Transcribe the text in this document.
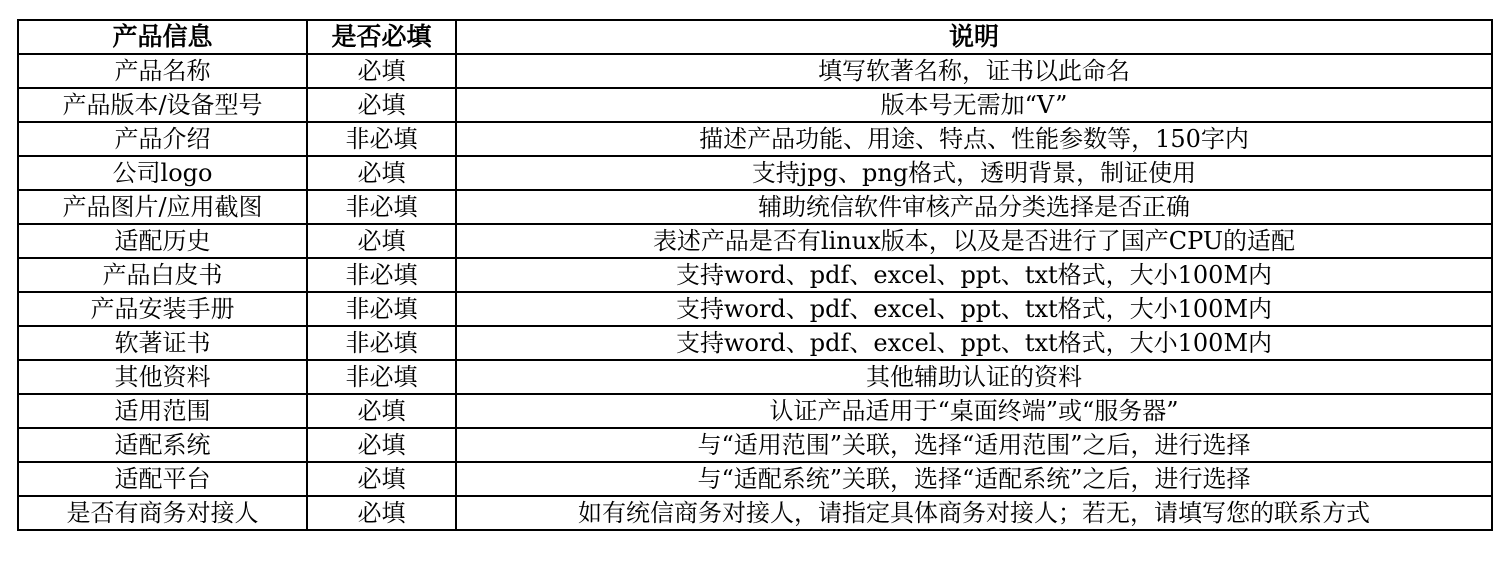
产品信息	是否必填	说明
产品名称	必填	填写软著名称，证书以此命名
产品版本/设备型号	必填	版本号无需加“V”
产品介绍	非必填	描述产品功能、用途、特点、性能参数等，150字内
公司logo	必填	支持jpg、png格式，透明背景，制证使用
产品图片/应用截图	非必填	辅助统信软件审核产品分类选择是否正确
适配历史	必填	表述产品是否有linux版本，以及是否进行了国产CPU的适配
产品白皮书	非必填	支持word、pdf、excel、ppt、txt格式，大小100M内
产品安装手册	非必填	支持word、pdf、excel、ppt、txt格式，大小100M内
软著证书	非必填	支持word、pdf、excel、ppt、txt格式，大小100M内
其他资料	非必填	其他辅助认证的资料
适用范围	必填	认证产品适用于“桌面终端”或“服务器”
适配系统	必填	与“适用范围”关联，选择“适用范围”之后，进行选择
适配平台	必填	与“适配系统”关联，选择“适配系统”之后，进行选择
是否有商务对接人	必填	如有统信商务对接人，请指定具体商务对接人；若无，请填写您的联系方式
